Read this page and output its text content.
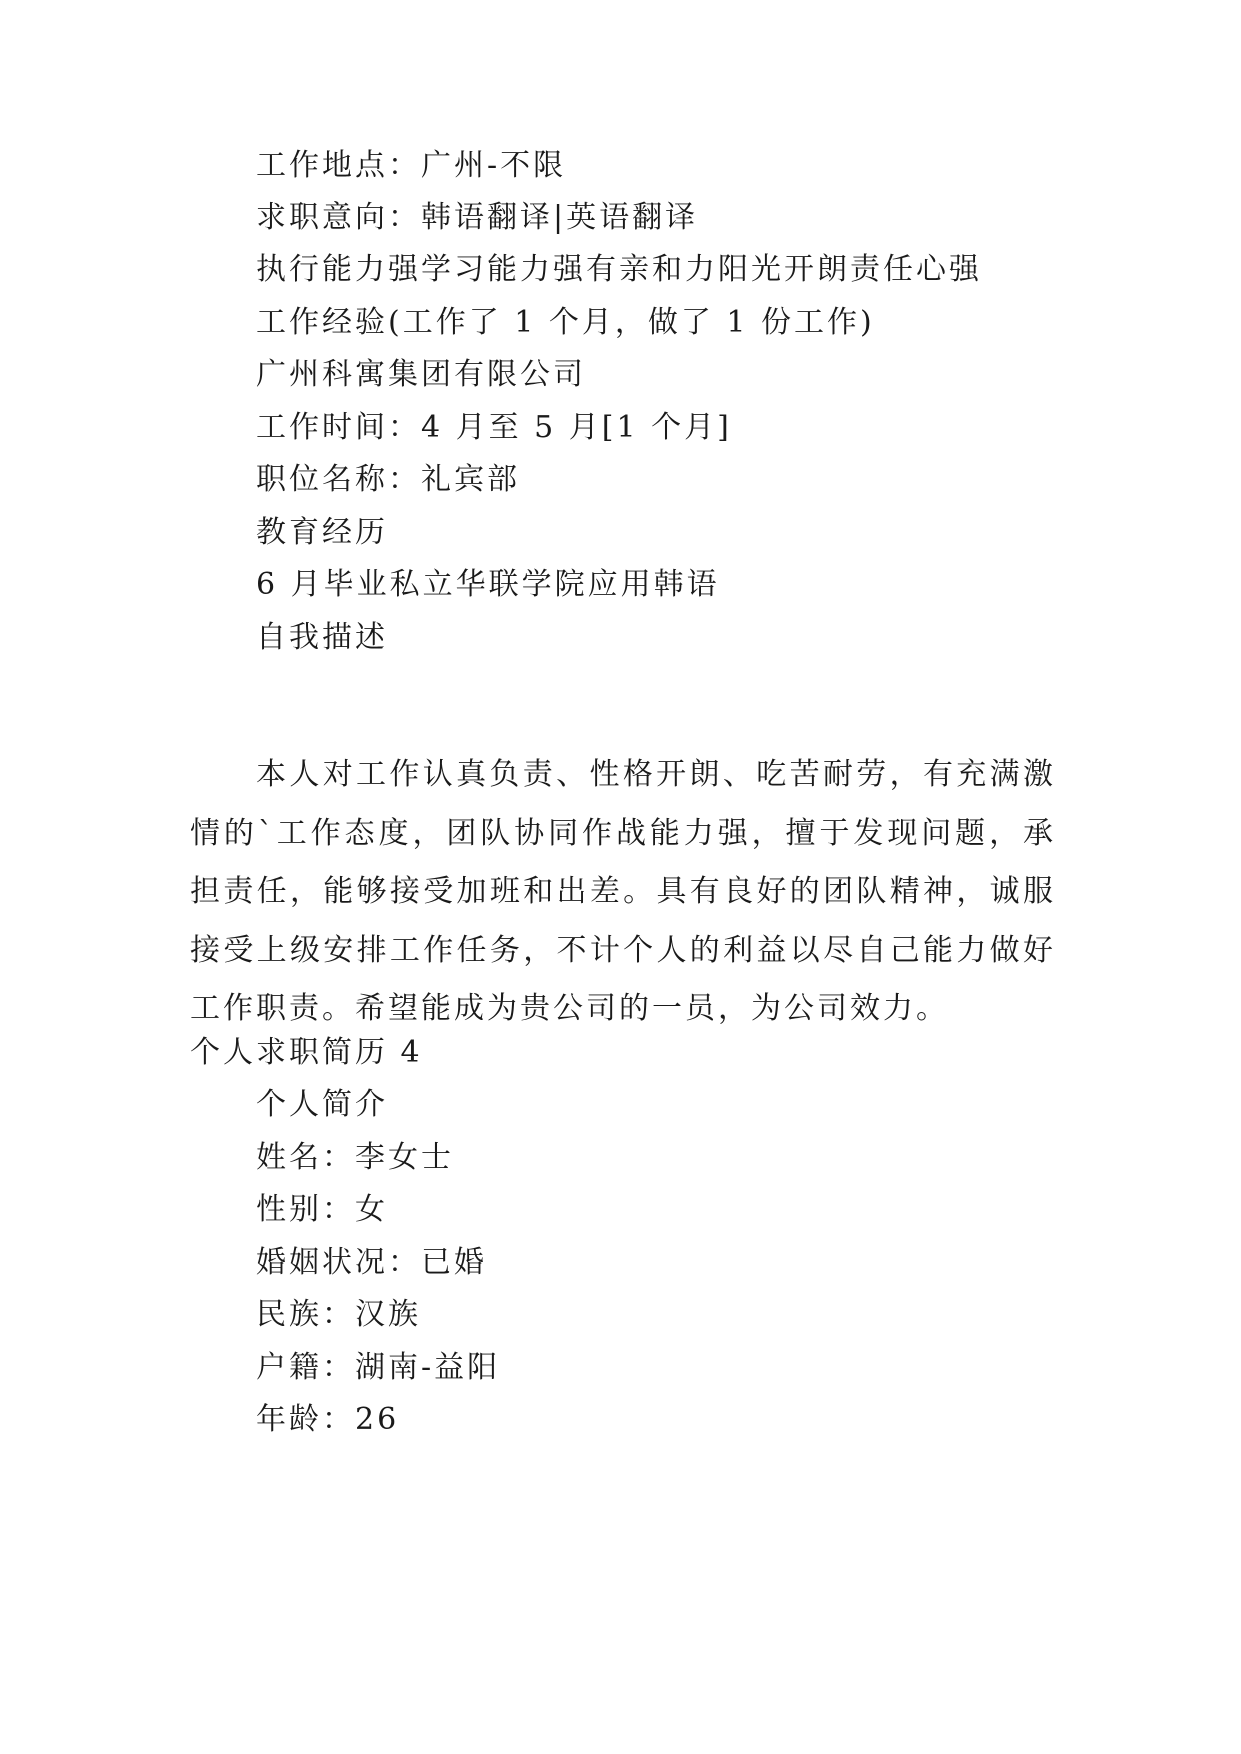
工作地点：广州-不限
求职意向：韩语翻译|英语翻译
执行能力强学习能力强有亲和力阳光开朗责任心强
工作经验(工作了 1 个月，做了 1 份工作)
广州科寓集团有限公司
工作时间：4 月至 5 月[1 个月]
职位名称：礼宾部
教育经历
6 月毕业私立华联学院应用韩语
自我描述
本人对工作认真负责、性格开朗、吃苦耐劳，有充满激情的`工作态度，团队协同作战能力强，擅于发现问题，承担责任，能够接受加班和出差。具有良好的团队精神，诚服接受上级安排工作任务，不计个人的利益以尽自己能力做好工作职责。希望能成为贵公司的一员，为公司效力。
个人求职简历 4
个人简介
姓名：李女士
性别：女
婚姻状况：已婚
民族：汉族
户籍：湖南-益阳
年龄：26
